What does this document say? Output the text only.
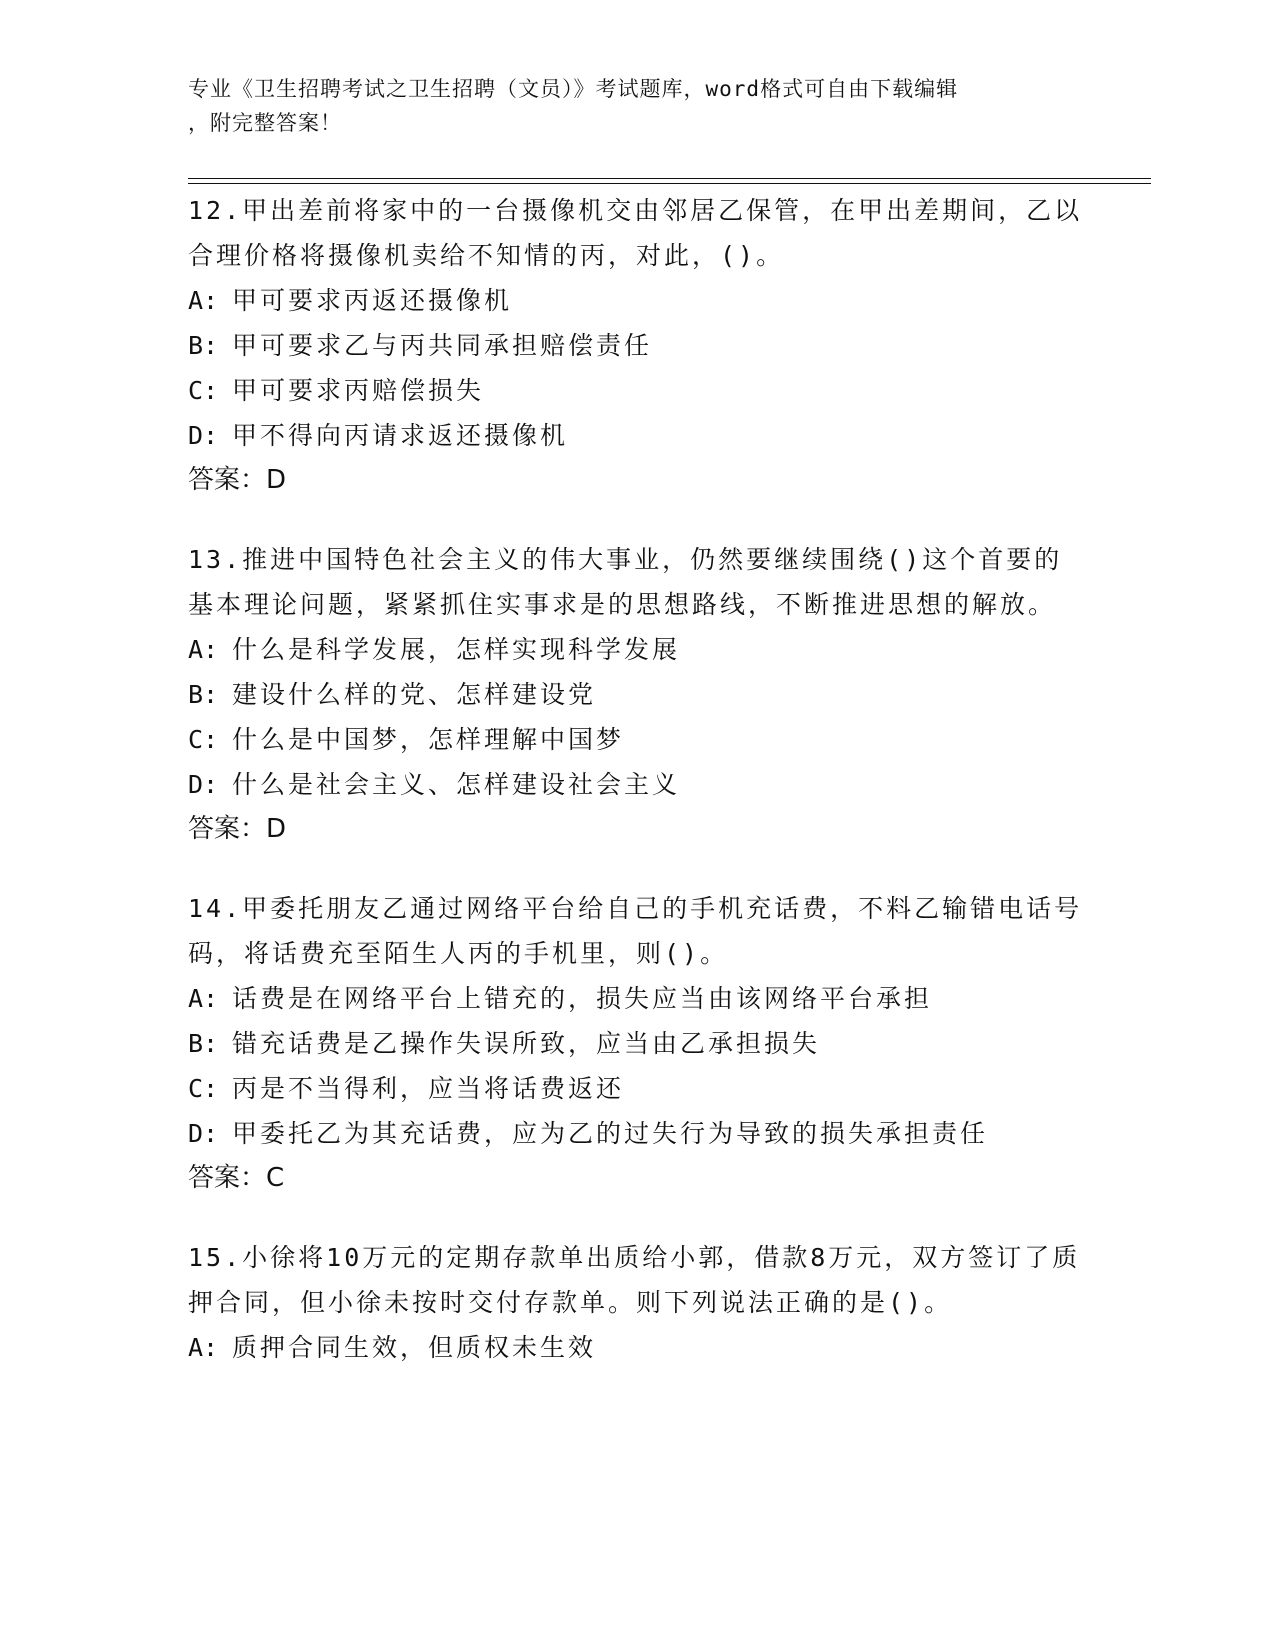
专业《卫生招聘考试之卫生招聘（文员）》考试题库，word格式可自由下载编辑
，附完整答案！

12.甲出差前将家中的一台摄像机交由邻居乙保管，在甲出差期间，乙以合理价格将摄像机卖给不知情的丙，对此，()。

A: 甲可要求丙返还摄像机

B: 甲可要求乙与丙共同承担赔偿责任

C: 甲可要求丙赔偿损失

D: 甲不得向丙请求返还摄像机

答案：D

13.推进中国特色社会主义的伟大事业，仍然要继续围绕()这个首要的基本理论问题，紧紧抓住实事求是的思想路线，不断推进思想的解放。

A: 什么是科学发展，怎样实现科学发展

B: 建设什么样的党、怎样建设党

C: 什么是中国梦，怎样理解中国梦

D: 什么是社会主义、怎样建设社会主义

答案：D

14.甲委托朋友乙通过网络平台给自己的手机充话费，不料乙输错电话号码，将话费充至陌生人丙的手机里，则()。

A: 话费是在网络平台上错充的，损失应当由该网络平台承担

B: 错充话费是乙操作失误所致，应当由乙承担损失

C: 丙是不当得利，应当将话费返还

D: 甲委托乙为其充话费，应为乙的过失行为导致的损失承担责任

答案：C

15.小徐将10万元的定期存款单出质给小郭，借款8万元，双方签订了质押合同，但小徐未按时交付存款单。则下列说法正确的是()。

A: 质押合同生效，但质权未生效
